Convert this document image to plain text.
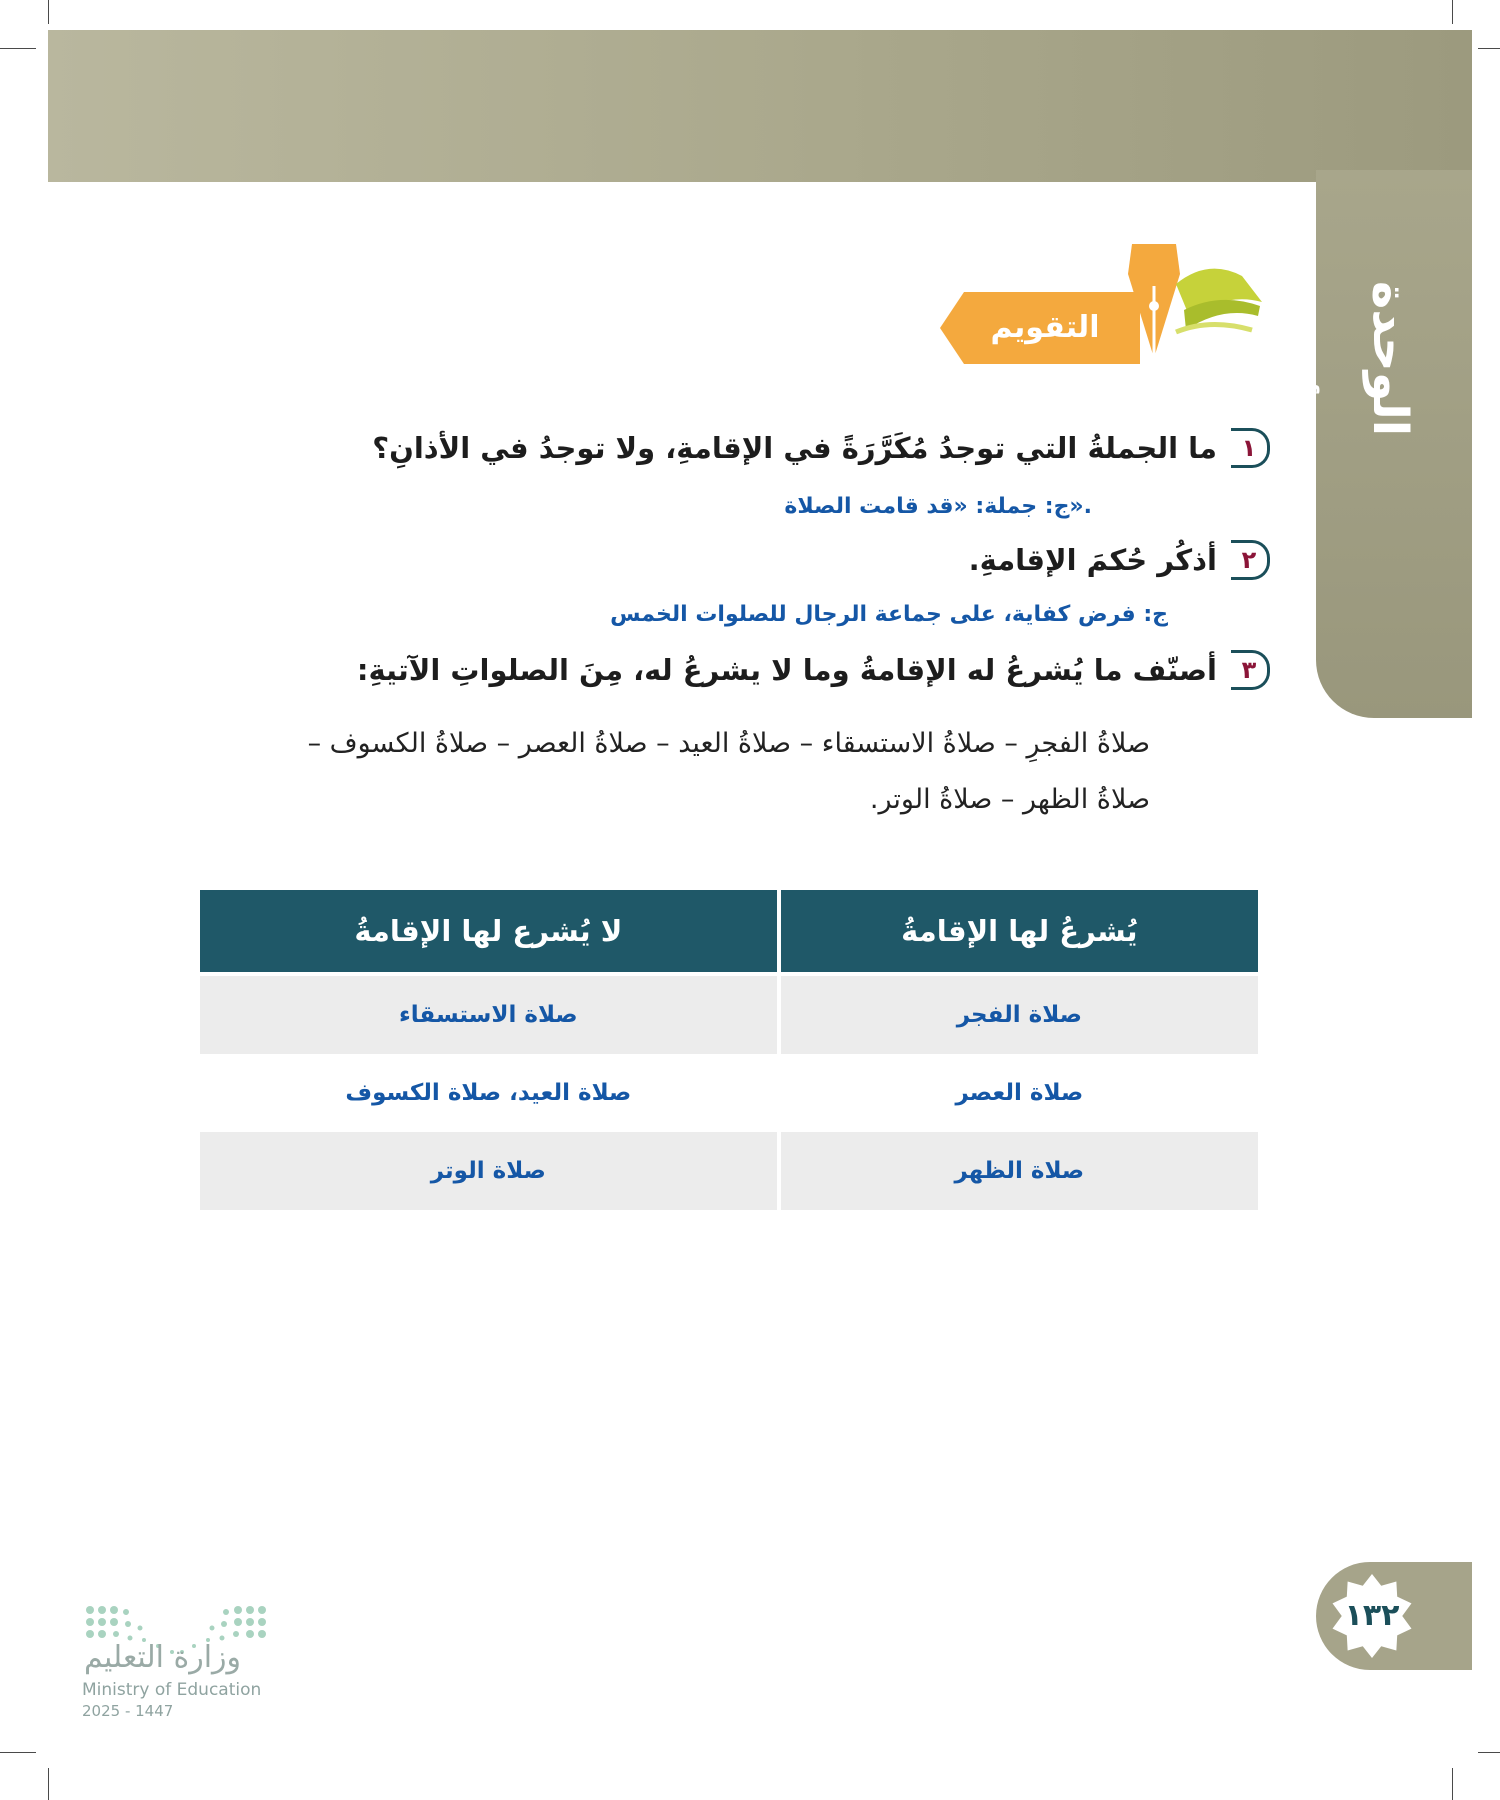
الوحدة الأولى
التقويم
١
ما الجملةُ التي توجدُ مُكَرَّرَةً في الإقامةِ، ولا توجدُ في الأذانِ؟
.«ج: جملة: «قد قامت الصلاة
٢
أذكُر حُكمَ الإقامةِ.
ج: فرض كفاية، على جماعة الرجال للصلوات الخمس
٣
أصنّف ما يُشرعُ له الإقامةُ وما لا يشرعُ له، مِنَ الصلواتِ الآتيةِ:
صلاةُ الفجرِ – صلاةُ الاستسقاء – صلاةُ العيد – صلاةُ العصر – صلاةُ الكسوف –
صلاةُ الظهر – صلاةُ الوتر.
يُشرعُ لها الإقامةُ	لا يُشرع لها الإقامةُ
صلاة الفجر	صلاة الاستسقاء
صلاة العصر	صلاة العيد، صلاة الكسوف
صلاة الظهر	صلاة الوتر
١٣٢
وزارة التعليم
Ministry of Education
2025 - 1447
